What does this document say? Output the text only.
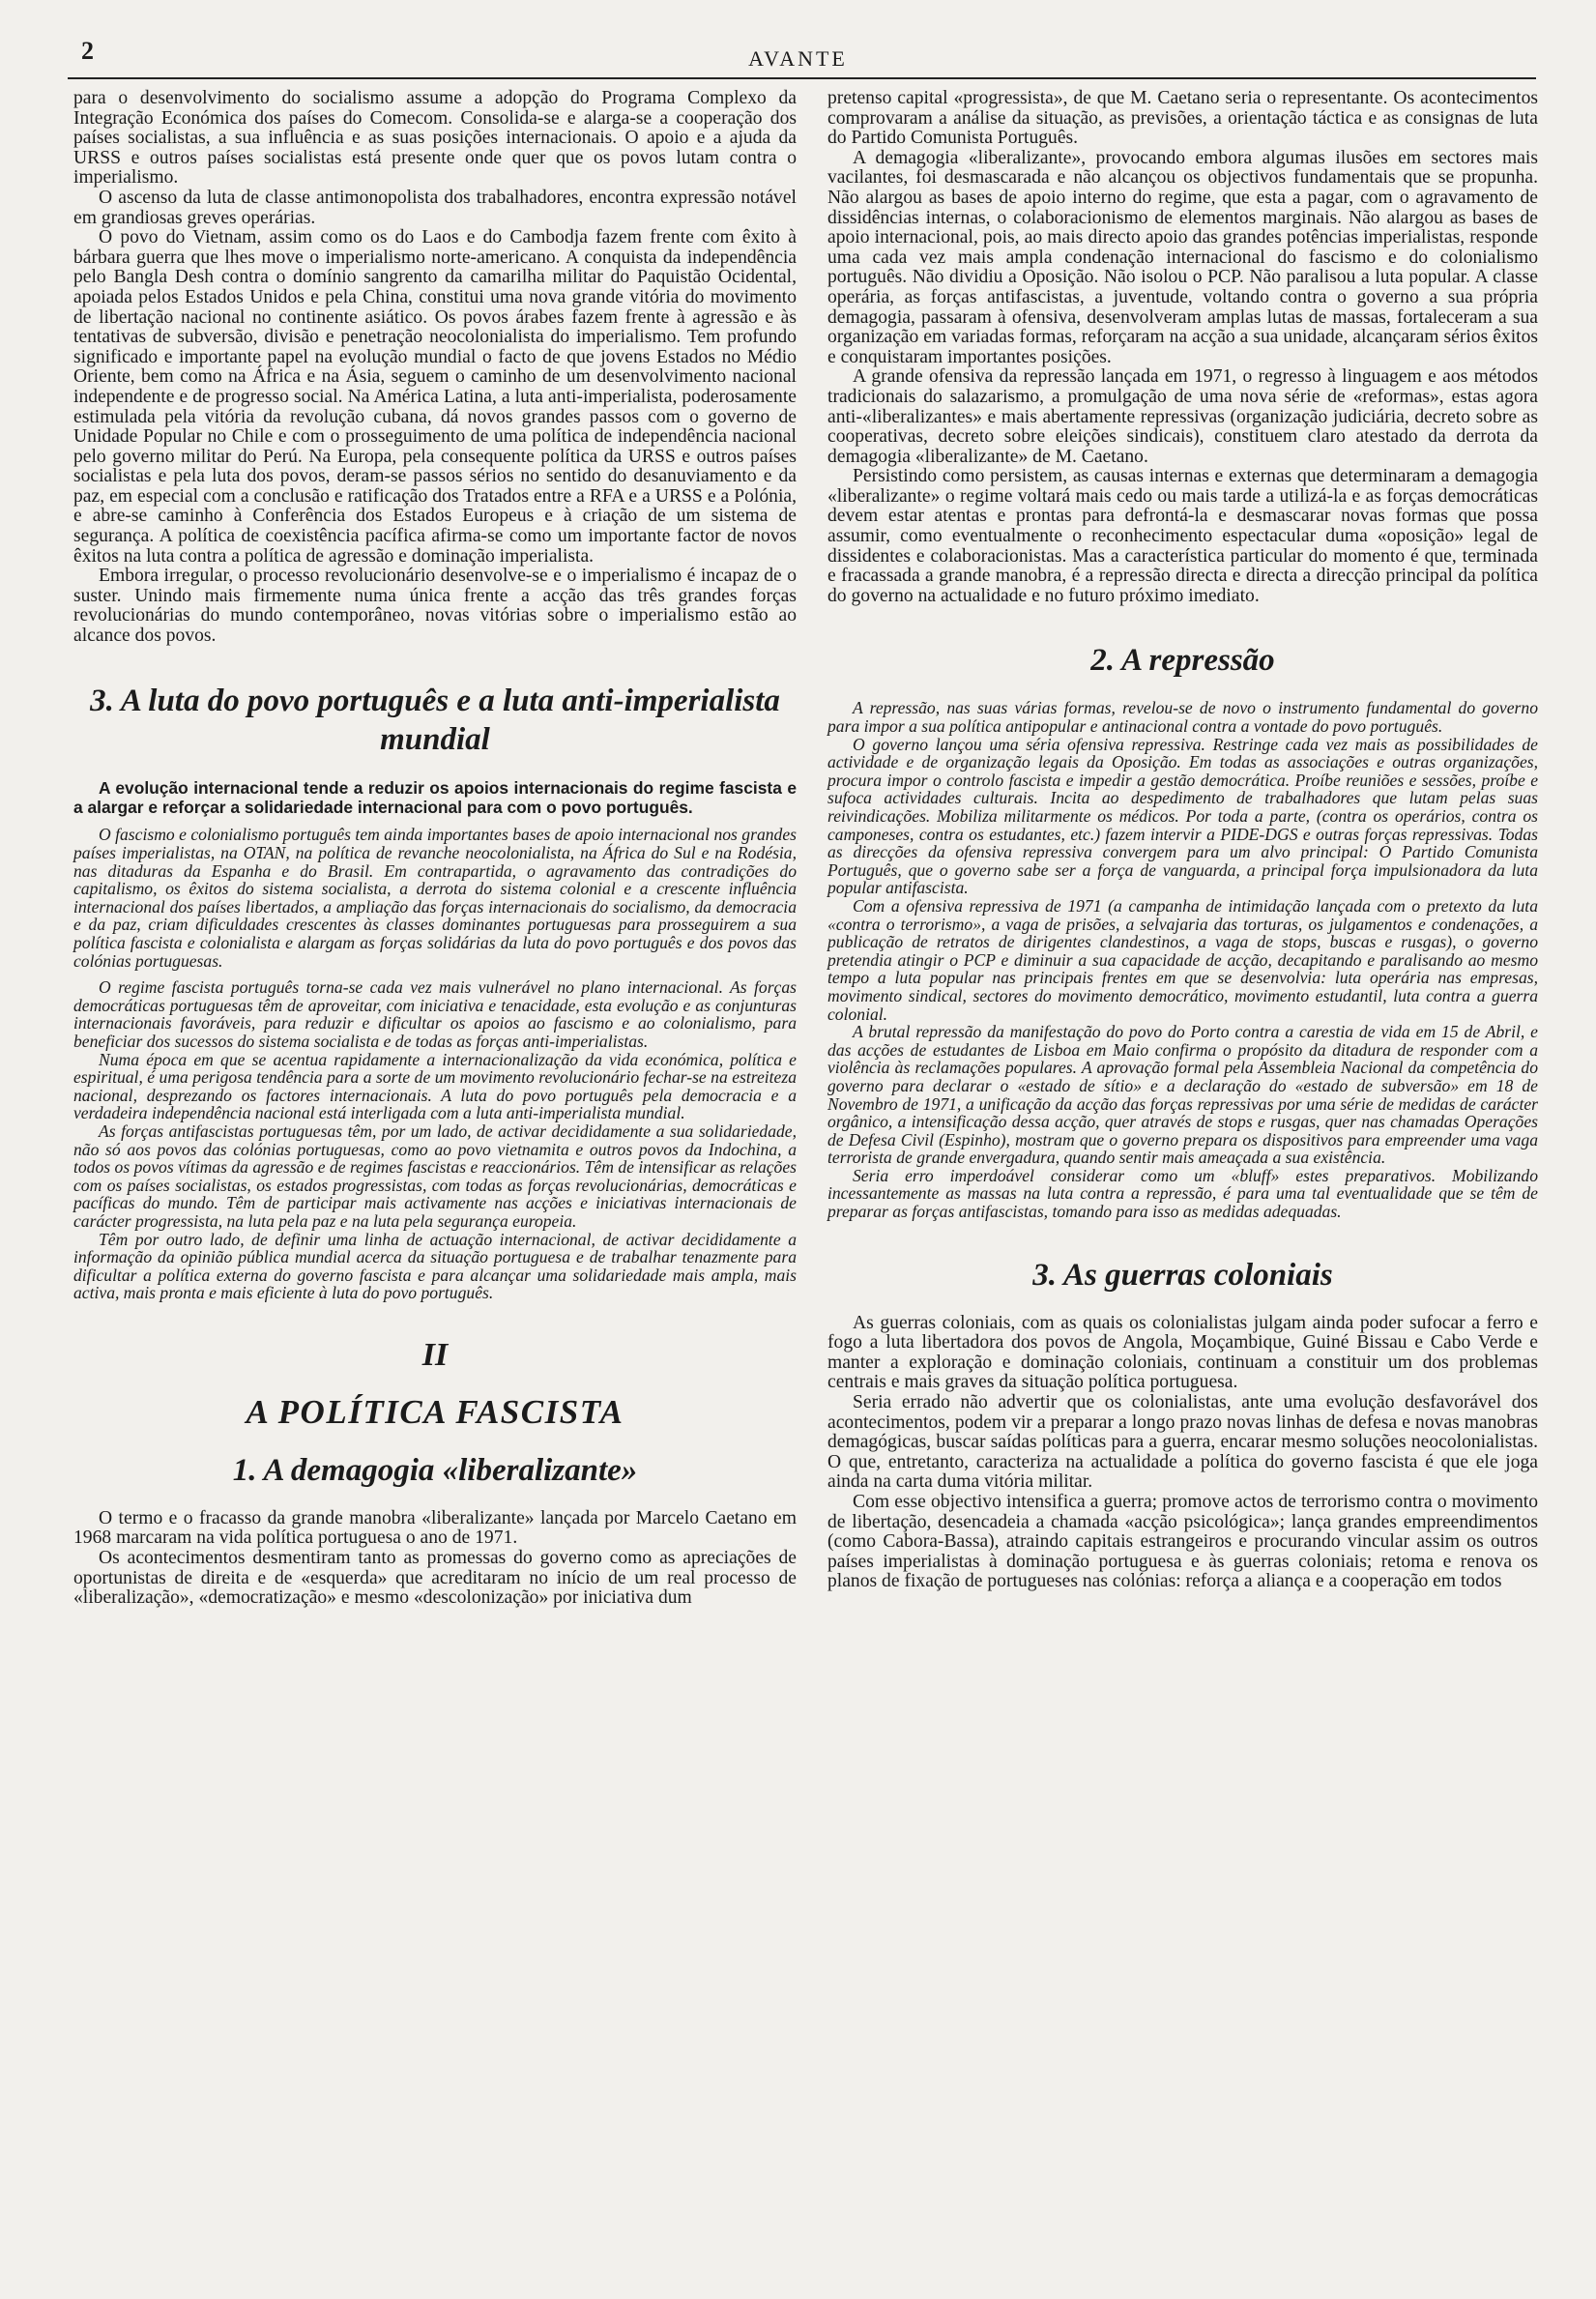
2	AVANTE

para o desenvolvimento do socialismo assume a adopção do Programa Complexo da Integração Económica dos países do Comecom. Consolida-se e alarga-se a cooperação dos países socialistas, a sua influência e as suas posições internacionais. O apoio e a ajuda da URSS e outros países socialistas está presente onde quer que os povos lutam contra o imperialismo.

O ascenso da luta de classe antimonopolista dos trabalhadores, encontra expressão notável em grandiosas greves operárias.

O povo do Vietnam, assim como os do Laos e do Cambodja fazem frente com êxito à bárbara guerra que lhes move o imperialismo norte-americano. A conquista da independência pelo Bangla Desh contra o domínio sangrento da camarilha militar do Paquistão Ocidental, apoiada pelos Estados Unidos e pela China, constitui uma nova grande vitória do movimento de libertação nacional no continente asiático. Os povos árabes fazem frente à agressão e às tentativas de subversão, divisão e penetração neocolonialista do imperialismo. Tem profundo significado e importante papel na evolução mundial o facto de que jovens Estados no Médio Oriente, bem como na África e na Ásia, seguem o caminho de um desenvolvimento nacional independente e de progresso social. Na América Latina, a luta anti-imperialista, poderosamente estimulada pela vitória da revolução cubana, dá novos grandes passos com o governo de Unidade Popular no Chile e com o prosseguimento de uma política de independência nacional pelo governo militar do Perú. Na Europa, pela consequente política da URSS e outros países socialistas e pela luta dos povos, deram-se passos sérios no sentido do desanuviamento e da paz, em especial com a conclusão e ratificação dos Tratados entre a RFA e a URSS e a Polónia, e abre-se caminho à Conferência dos Estados Europeus e à criação de um sistema de segurança. A política de coexistência pacífica afirma-se como um importante factor de novos êxitos na luta contra a política de agressão e dominação imperialista.

Embora irregular, o processo revolucionário desenvolve-se e o imperialismo é incapaz de o suster. Unindo mais firmemente numa única frente a acção das três grandes forças revolucionárias do mundo contemporâneo, novas vitórias sobre o imperialismo estão ao alcance dos povos.

3. A luta do povo português e a luta anti-imperialista mundial

A evolução internacional tende a reduzir os apoios internacionais do regime fascista e a alargar e reforçar a solidariedade internacional para com o povo português.

O fascismo e colonialismo português tem ainda importantes bases de apoio internacional nos grandes países imperialistas, na OTAN, na política de revanche neocolonialista, na África do Sul e na Rodésia, nas ditaduras da Espanha e do Brasil. Em contrapartida, o agravamento das contradições do capitalismo, os êxitos do sistema socialista, a derrota do sistema colonial e a crescente influência internacional dos países libertados, a ampliação das forças internacionais do socialismo, da democracia e da paz, criam dificuldades crescentes às classes dominantes portuguesas para prosseguirem a sua política fascista e colonialista e alargam as forças solidárias da luta do povo português e dos povos das colónias portuguesas.

O regime fascista português torna-se cada vez mais vulnerável no plano internacional. As forças democráticas portuguesas têm de aproveitar, com iniciativa e tenacidade, esta evolução e as conjunturas internacionais favoráveis, para reduzir e dificultar os apoios ao fascismo e ao colonialismo, para beneficiar dos sucessos do sistema socialista e de todas as forças anti-imperialistas.

Numa época em que se acentua rapidamente a internacionalização da vida económica, política e espiritual, é uma perigosa tendência para a sorte de um movimento revolucionário fechar-se na estreiteza nacional, desprezando os factores internacionais. A luta do povo português pela democracia e a verdadeira independência nacional está interligada com a luta anti-imperialista mundial.

As forças antifascistas portuguesas têm, por um lado, de activar decididamente a sua solidariedade, não só aos povos das colónias portuguesas, como ao povo vietnamita e outros povos da Indochina, a todos os povos vítimas da agressão e de regimes fascistas e reaccionários. Têm de intensificar as relações com os países socialistas, os estados progressistas, com todas as forças revolucionárias, democráticas e pacíficas do mundo. Têm de participar mais activamente nas acções e iniciativas internacionais de carácter progressista, na luta pela paz e na luta pela segurança europeia.

Têm por outro lado, de definir uma linha de actuação internacional, de activar decididamente a informação da opinião pública mundial acerca da situação portuguesa e de trabalhar tenazmente para dificultar a política externa do governo fascista e para alcançar uma solidariedade mais ampla, mais activa, mais pronta e mais eficiente à luta do povo português.

II
A POLÍTICA FASCISTA
1. A demagogia «liberalizante»

O termo e o fracasso da grande manobra «liberalizante» lançada por Marcelo Caetano em 1968 marcaram na vida política portuguesa o ano de 1971.

Os acontecimentos desmentiram tanto as promessas do governo como as apreciações de oportunistas de direita e de «esquerda» que acreditaram no início de um real processo de «liberalização», «democratização» e mesmo «descolonização» por iniciativa dum

pretenso capital «progressista», de que M. Caetano seria o representante. Os acontecimentos comprovaram a análise da situação, as previsões, a orientação táctica e as consignas de luta do Partido Comunista Português.

A demagogia «liberalizante», provocando embora algumas ilusões em sectores mais vacilantes, foi desmascarada e não alcançou os objectivos fundamentais que se propunha. Não alargou as bases de apoio interno do regime, que esta a pagar, com o agravamento de dissidências internas, o colaboracionismo de elementos marginais. Não alargou as bases de apoio internacional, pois, ao mais directo apoio das grandes potências imperialistas, responde uma cada vez mais ampla condenação internacional do fascismo e do colonialismo português. Não dividiu a Oposição. Não isolou o PCP. Não paralisou a luta popular. A classe operária, as forças antifascistas, a juventude, voltando contra o governo a sua própria demagogia, passaram à ofensiva, desenvolveram amplas lutas de massas, fortaleceram a sua organização em variadas formas, reforçaram na acção a sua unidade, alcançaram sérios êxitos e conquistaram importantes posições.

A grande ofensiva da repressão lançada em 1971, o regresso à linguagem e aos métodos tradicionais do salazarismo, a promulgação de uma nova série de «reformas», estas agora anti-«liberalizantes» e mais abertamente repressivas (organização judiciária, decreto sobre as cooperativas, decreto sobre eleições sindicais), constituem claro atestado da derrota da demagogia «liberalizante» de M. Caetano.

Persistindo como persistem, as causas internas e externas que determinaram a demagogia «liberalizante» o regime voltará mais cedo ou mais tarde a utilizá-la e as forças democráticas devem estar atentas e prontas para defrontá-la e desmascarar novas formas que possa assumir, como eventualmente o reconhecimento espectacular duma «oposição» legal de dissidentes e colaboracionistas. Mas a característica particular do momento é que, terminada e fracassada a grande manobra, é a repressão directa e directa a direcção principal da política do governo na actualidade e no futuro próximo imediato.

2. A repressão

A repressão, nas suas várias formas, revelou-se de novo o instrumento fundamental do governo para impor a sua política antipopular e antinacional contra a vontade do povo português.

O governo lançou uma séria ofensiva repressiva. Restringe cada vez mais as possibilidades de actividade e de organização legais da Oposição. Em todas as associações e outras organizações, procura impor o controlo fascista e impedir a gestão democrática. Proíbe reuniões e sessões, proíbe e sufoca actividades culturais. Incita ao despedimento de trabalhadores que lutam pelas suas reivindicações. Mobiliza militarmente os médicos. Por toda a parte, (contra os operários, contra os camponeses, contra os estudantes, etc.) fazem intervir a PIDE-DGS e outras forças repressivas. Todas as direcções da ofensiva repressiva convergem para um alvo principal: O Partido Comunista Português, que o governo sabe ser a força de vanguarda, a principal força impulsionadora da luta popular antifascista.

Com a ofensiva repressiva de 1971 (a campanha de intimidação lançada com o pretexto da luta «contra o terrorismo», a vaga de prisões, a selvajaria das torturas, os julgamentos e condenações, a publicação de retratos de dirigentes clandestinos, a vaga de stops, buscas e rusgas), o governo pretendia atingir o PCP e diminuir a sua capacidade de acção, decapitando e paralisando ao mesmo tempo a luta popular nas principais frentes em que se desenvolvia: luta operária nas empresas, movimento sindical, sectores do movimento democrático, movimento estudantil, luta contra a guerra colonial.

A brutal repressão da manifestação do povo do Porto contra a carestia de vida em 15 de Abril, e das acções de estudantes de Lisboa em Maio confirma o propósito da ditadura de responder com a violência às reclamações populares. A aprovação formal pela Assembleia Nacional da competência do governo para declarar o «estado de sítio» e a declaração do «estado de subversão» em 18 de Novembro de 1971, a unificação da acção das forças repressivas por uma série de medidas de carácter orgânico, a intensificação dessa acção, quer através de stops e rusgas, quer nas chamadas Operações de Defesa Civil (Espinho), mostram que o governo prepara os dispositivos para empreender uma vaga terrorista de grande envergadura, quando sentir mais ameaçada a sua existência.

Seria erro imperdoável considerar como um «bluff» estes preparativos. Mobilizando incessantemente as massas na luta contra a repressão, é para uma tal eventualidade que se têm de preparar as forças antifascistas, tomando para isso as medidas adequadas.

3. As guerras coloniais

As guerras coloniais, com as quais os colonialistas julgam ainda poder sufocar a ferro e fogo a luta libertadora dos povos de Angola, Moçambique, Guiné Bissau e Cabo Verde e manter a exploração e dominação coloniais, continuam a constituir um dos problemas centrais e mais graves da situação política portuguesa.

Seria errado não advertir que os colonialistas, ante uma evolução desfavorável dos acontecimentos, podem vir a preparar a longo prazo novas linhas de defesa e novas manobras demagógicas, buscar saídas políticas para a guerra, encarar mesmo soluções neocolonialistas. O que, entretanto, caracteriza na actualidade a política do governo fascista é que ele joga ainda na carta duma vitória militar.

Com esse objectivo intensifica a guerra; promove actos de terrorismo contra o movimento de libertação, desencadeia a chamada «acção psicológica»; lança grandes empreendimentos (como Cabora-Bassa), atraindo capitais estrangeiros e procurando vincular assim os outros países imperialistas à dominação portuguesa e às guerras coloniais; retoma e renova os planos de fixação de portugueses nas colónias: reforça a aliança e a cooperação em todos
